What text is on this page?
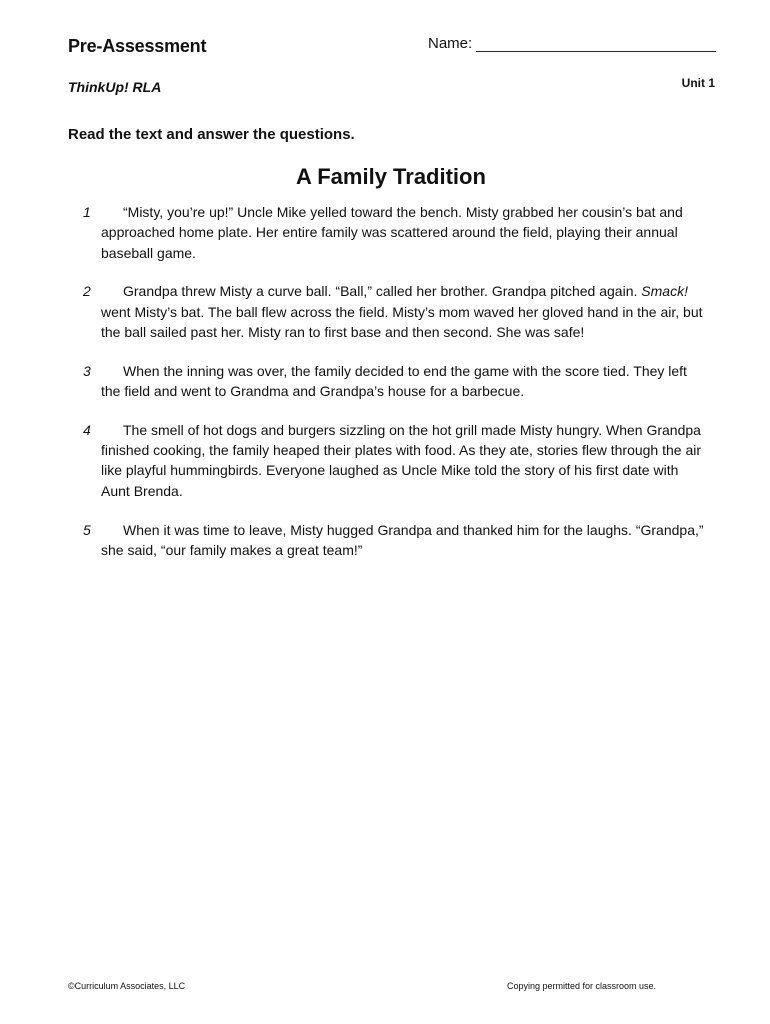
Pre-Assessment	Name:
ThinkUp! RLA	Unit 1
Read the text and answer the questions.
A Family Tradition
1	“Misty, you’re up!” Uncle Mike yelled toward the bench. Misty grabbed her cousin’s bat and approached home plate. Her entire family was scattered around the field, playing their annual baseball game.
2	Grandpa threw Misty a curve ball. “Ball,” called her brother. Grandpa pitched again. Smack! went Misty’s bat. The ball flew across the field. Misty’s mom waved her gloved hand in the air, but the ball sailed past her. Misty ran to first base and then second. She was safe!
3	When the inning was over, the family decided to end the game with the score tied. They left the field and went to Grandma and Grandpa’s house for a barbecue.
4	The smell of hot dogs and burgers sizzling on the hot grill made Misty hungry. When Grandpa finished cooking, the family heaped their plates with food. As they ate, stories flew through the air like playful hummingbirds. Everyone laughed as Uncle Mike told the story of his first date with Aunt Brenda.
5	When it was time to leave, Misty hugged Grandpa and thanked him for the laughs. “Grandpa,” she said, “our family makes a great team!”
©Curriculum Associates, LLC	Copying permitted for classroom use.
